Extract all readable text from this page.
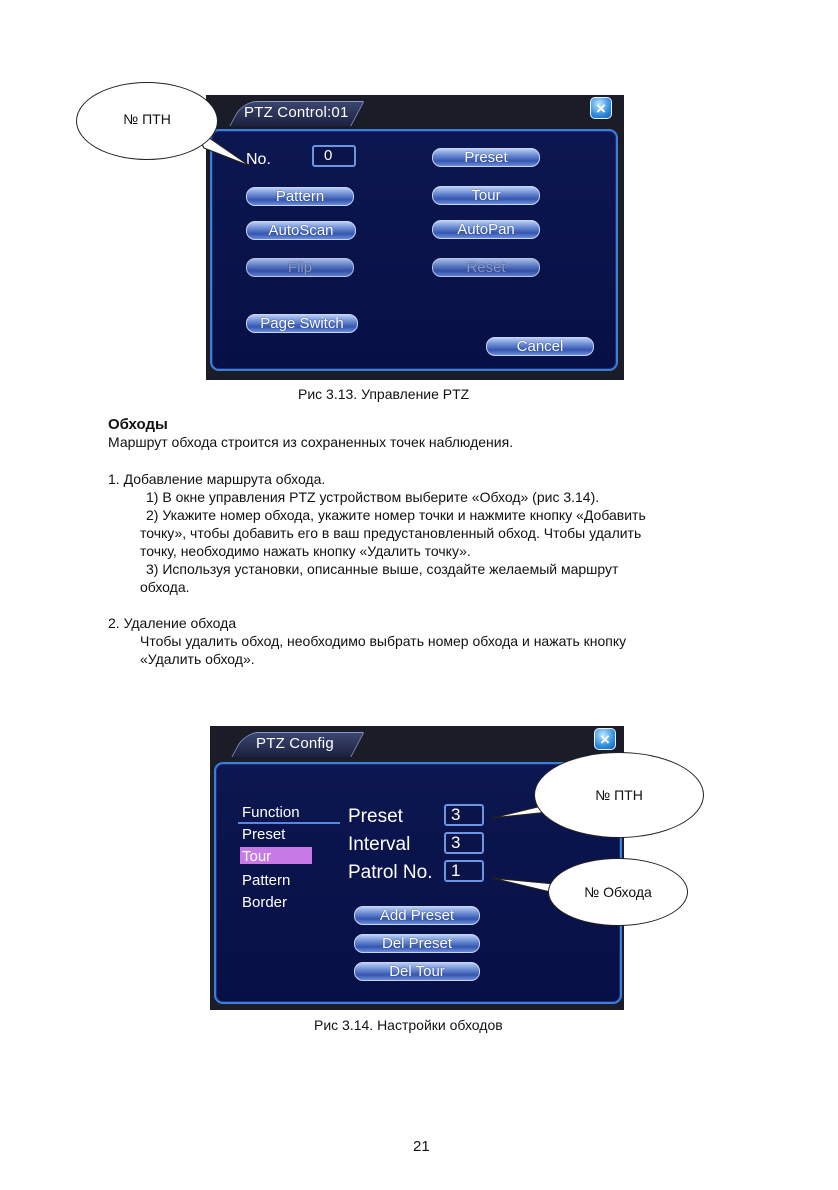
PTZ Control:01	×
No.	0	Preset
Pattern	Tour
AutoScan	AutoPan
Flip	Reset
Page Switch
Cancel
№ ПТН
Рис 3.13. Управление PTZ
Обходы
Маршрут обхода строится из сохраненных точек наблюдения.
1. Добавление маршрута обхода.
1) В окне управления PTZ устройством выберите «Обход» (рис 3.14).
2) Укажите номер обхода, укажите номер точки и нажмите кнопку «Добавить
точку», чтобы добавить его в ваш предустановленный обход. Чтобы удалить
точку, необходимо нажать кнопку «Удалить точку».
3) Используя установки, описанные выше, создайте желаемый маршрут
обхода.
2. Удаление обхода
Чтобы удалить обход, необходимо выбрать номер обхода и нажать кнопку
«Удалить обход».
PTZ Config	×
Function
Preset
Tour
Pattern
Border
Preset	3
Interval	3
Patrol No.	1
Add Preset
Del Preset
Del Tour
№ ПТН
№ Обхода
Рис 3.14. Настройки обходов
21
